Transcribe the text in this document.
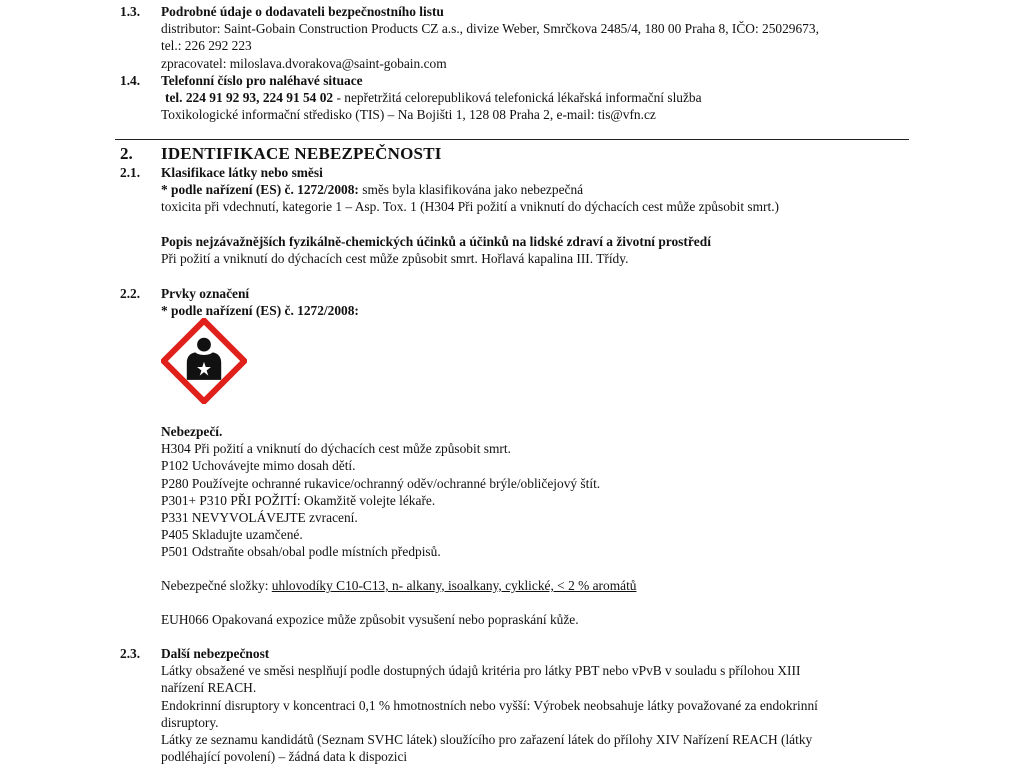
1.3. Podrobné údaje o dodavateli bezpečnostního listu
distributor: Saint-Gobain Construction Products CZ a.s., divize Weber, Smrčkova 2485/4, 180 00 Praha 8, IČO: 25029673,
tel.: 226 292 223
zpracovatel: miloslava.dvorakova@saint-gobain.com
1.4. Telefonní číslo pro naléhavé situace
tel. 224 91 92 93, 224 91 54 02 - nepřetržitá celorepubliková telefonická lékařská informační služba
Toxikologické informační středisko (TIS) – Na Bojišti 1, 128 08 Praha 2, e-mail: tis@vfn.cz
2. IDENTIFIKACE NEBEZPEČNOSTI
2.1. Klasifikace látky nebo směsi
* podle nařízení (ES) č. 1272/2008: směs byla klasifikována jako nebezpečná
toxicita při vdechnutí, kategorie 1 – Asp. Tox. 1 (H304 Při požití a vniknutí do dýchacích cest může způsobit smrt.)
Popis nejzávažnějších fyzikálně-chemických účinků a účinků na lidské zdraví a životní prostředí
Při požití a vniknutí do dýchacích cest může způsobit smrt. Hořlavá kapalina III. Třídy.
2.2. Prvky označení
* podle nařízení (ES) č. 1272/2008:
Nebezpečí.
H304 Při požití a vniknutí do dýchacích cest může způsobit smrt.
P102 Uchovávejte mimo dosah dětí.
P280 Používejte ochranné rukavice/ochranný oděv/ochranné brýle/obličejový štít.
P301+ P310 PŘI POŽITÍ: Okamžitě volejte lékaře.
P331 NEVYVOLÁVEJTE zvracení.
P405 Skladujte uzamčené.
P501 Odstraňte obsah/obal podle místních předpisů.
Nebezpečné složky: uhlovodíky C10-C13, n- alkany, isoalkany, cyklické, < 2 % aromátů
EUH066 Opakovaná expozice může způsobit vysušení nebo popraskání kůže.
2.3. Další nebezpečnost
Látky obsažené ve směsi nesplňují podle dostupných údajů kritéria pro látky PBT nebo vPvB v souladu s přílohou XIII
nařízení REACH.
Endokrinní disruptory v koncentraci 0,1 % hmotnostních nebo vyšší: Výrobek neobsahuje látky považované za endokrinní
disruptory.
Látky ze seznamu kandidátů (Seznam SVHC látek) sloužícího pro zařazení látek do přílohy XIV Nařízení REACH (látky
podléhající povolení) – žádná data k dispozici
